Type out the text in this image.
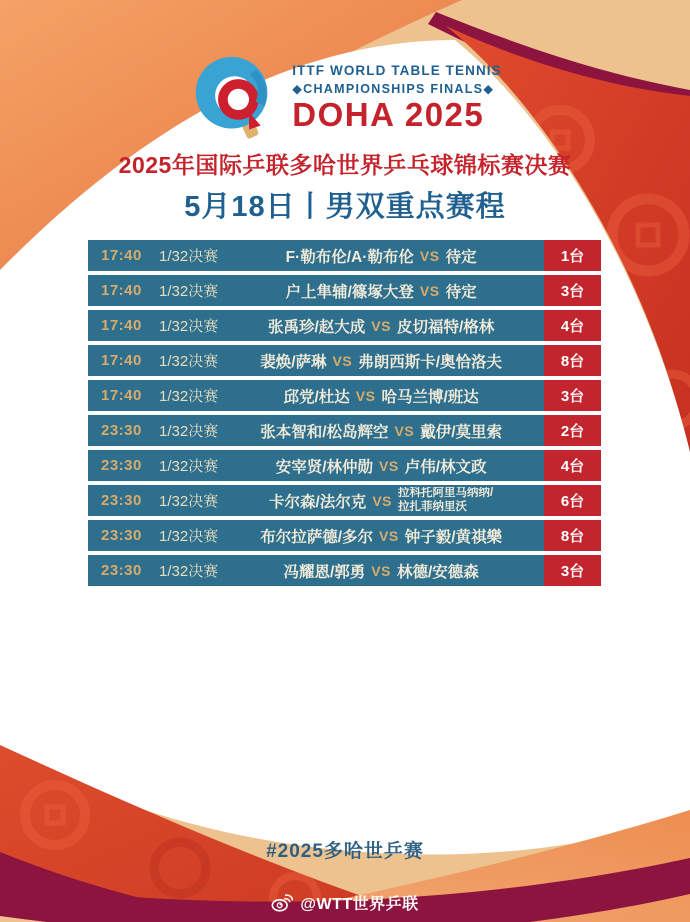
ITTF WORLD TABLE TENNIS
◆CHAMPIONSHIPS FINALS◆
DOHA 2025
2025年国际乒联多哈世界乒乓球锦标赛决赛
5月18日丨男双重点赛程
17:40	1/32决赛	F·勒布伦/A·勒布伦 VS 待定	1台
17:40	1/32决赛	户上隼辅/篠塚大登 VS 待定	3台
17:40	1/32决赛	张禹珍/赵大成 VS 皮切福特/格林	4台
17:40	1/32决赛	裴焕/萨琳 VS 弗朗西斯卡/奥恰洛夫	8台
17:40	1/32决赛	邱党/杜达 VS 哈马兰博/班达	3台
23:30	1/32决赛	张本智和/松岛辉空 VS 戴伊/莫里索	2台
23:30	1/32决赛	安宰贤/林仲勋 VS 卢伟/林文政	4台
23:30	1/32决赛	卡尔森/法尔克 VS 拉科托阿里马纳纳/
拉扎菲纳里沃	6台
23:30	1/32决赛	布尔拉萨德/多尔 VS 钟子毅/黄祺樂	8台
23:30	1/32决赛	冯耀恩/郭勇 VS 林德/安德森	3台
#2025多哈世乒赛
@WTT世界乒联
